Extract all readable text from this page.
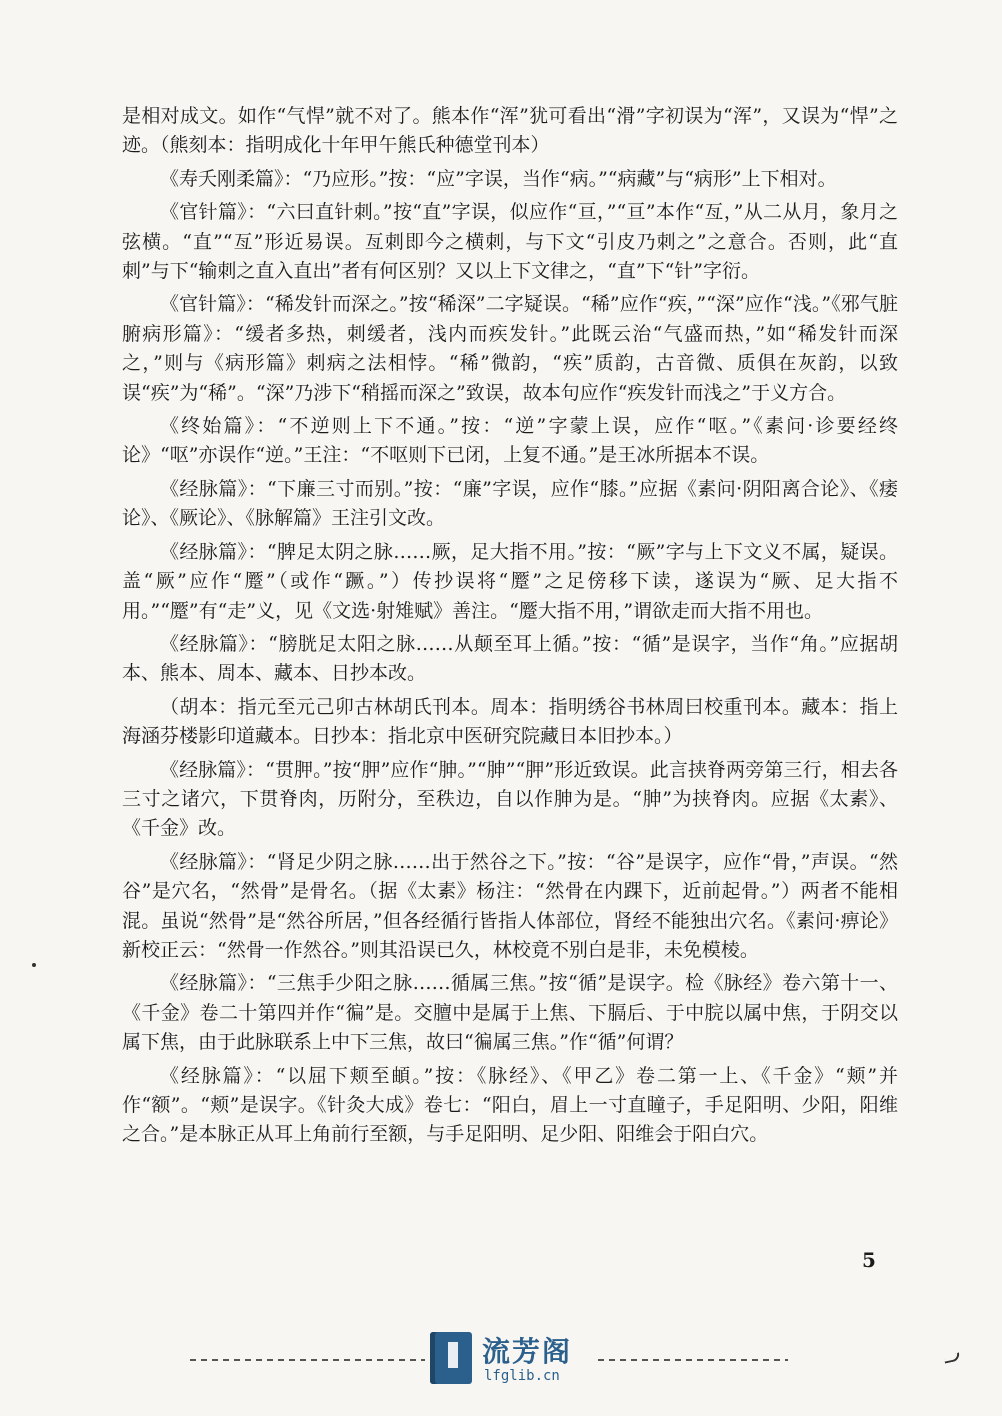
是相对成文。如作“气悍”就不对了。熊本作“浑”犹可看出“滑”字初误为“浑”，又误为“悍”之迹。（熊刻本：指明成化十年甲午熊氏种德堂刊本）

《寿夭刚柔篇》：“乃应形。”按：“应”字误，当作“病。”“病藏”与“病形”上下相对。

《官针篇》：“六曰直针刺。”按“直”字误，似应作“亘，”“亘”本作“亙，”从二从月，象月之弦横。“直”“亙”形近易误。亙刺即今之横刺，与下文“引皮乃刺之”之意合。否则，此“直刺”与下“输刺之直入直出”者有何区别？又以上下文律之，“直”下“针”字衍。

《官针篇》：“稀发针而深之。”按“稀深”二字疑误。“稀”应作“疾，”“深”应作“浅。”《邪气脏腑病形篇》：“缓者多热，刺缓者，浅内而疾发针。”此既云治“气盛而热，”如“稀发针而深之，”则与《病形篇》刺病之法相悖。“稀”微韵，“疾”质韵，古音微、质俱在灰韵，以致误“疾”为“稀”。“深”乃涉下“稍摇而深之”致误，故本句应作“疾发针而浅之”于义方合。

《终始篇》：“不逆则上下不通。”按：“逆”字蒙上误，应作“呕。”《素问·诊要经终论》“呕”亦误作“逆。”王注：“不呕则下已闭，上复不通。”是王冰所据本不误。

《经脉篇》：“下廉三寸而别。”按：“廉”字误，应作“膝。”应据《素问·阴阳离合论》、《痿论》、《厥论》、《脉解篇》王注引文改。

《经脉篇》：“脾足太阴之脉……厥，足大指不用。”按：“厥”字与上下文义不属，疑误。盖“厥”应作“蹷”（或作“蹶。”）传抄误将“蹷”之足傍移下读，遂误为“厥、足大指不用。”“蹷”有“走”义，见《文选·射雉赋》善注。“蹷大指不用，”谓欲走而大指不用也。

《经脉篇》：“膀胱足太阳之脉……从颠至耳上循。”按：“循”是误字，当作“角。”应据胡本、熊本、周本、藏本、日抄本改。

（胡本：指元至元己卯古林胡氏刊本。周本：指明绣谷书林周曰校重刊本。藏本：指上海涵芬楼影印道藏本。日抄本：指北京中医研究院藏日本旧抄本。）

《经脉篇》：“贯胛。”按“胛”应作“胂。”“胂”“胛”形近致误。此言挟脊两旁第三行，相去各三寸之诸穴，下贯脊肉，历附分，至秩边，自以作胂为是。“胂”为挟脊肉。应据《太素》、《千金》改。

《经脉篇》：“肾足少阴之脉……出于然谷之下。”按：“谷”是误字，应作“骨，”声误。“然谷”是穴名，“然骨”是骨名。（据《太素》杨注：“然骨在内踝下，近前起骨。”）两者不能相混。虽说“然骨”是“然谷所居，”但各经循行皆指人体部位，肾经不能独出穴名。《素问·痹论》新校正云：“然骨一作然谷。”则其沿误已久，林校竟不别白是非，未免模棱。

《经脉篇》：“三焦手少阳之脉……循属三焦。”按“循”是误字。检《脉经》卷六第十一、《千金》卷二十第四并作“徧”是。交膻中是属于上焦、下膈后、于中脘以属中焦，于阴交以属下焦，由于此脉联系上中下三焦，故曰“徧属三焦。”作“循”何谓？

《经脉篇》：“以屈下颊至頔。”按：《脉经》、《甲乙》卷二第一上、《千金》“颊”并作“额”。“颊”是误字。《针灸大成》卷七：“阳白，眉上一寸直瞳子，手足阳明、少阳，阳维之合。”是本脉正从耳上角前行至额，与手足阳明、足少阳、阳维会于阳白穴。

5
流芳阁
lfglib.cn
